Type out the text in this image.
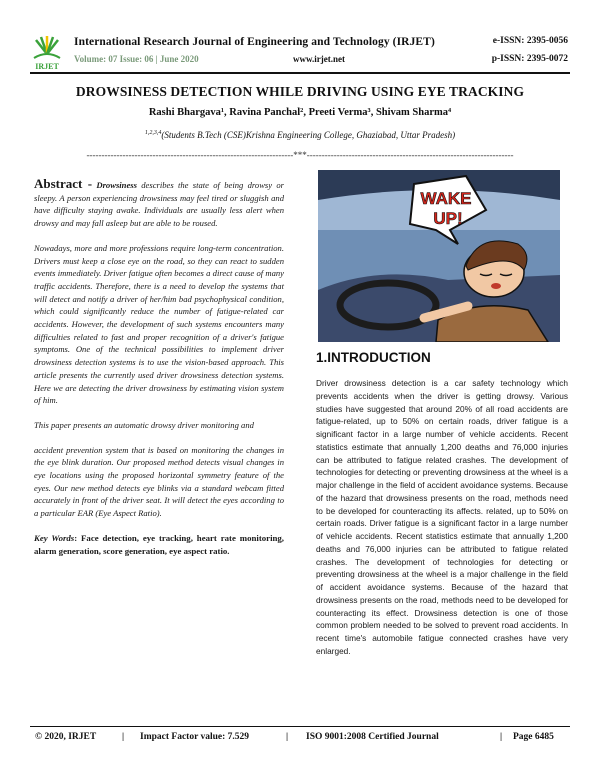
IRJET
International Research Journal of Engineering and Technology (IRJET)
Volume: 07 Issue: 06 | June 2020	www.irjet.net
e-ISSN: 2395-0056
p-ISSN: 2395-0072
DROWSINESS DETECTION WHILE DRIVING USING EYE TRACKING
Rashi Bhargava¹, Ravina Panchal², Preeti Verma³, Shivam Sharma⁴
$^{1,2,3,4}$(Students B.Tech (CSE)Krishna Engineering College, Ghaziabad, Uttar Pradesh)
---------------------------------------------------------------------***---------------------------------------------------------------------

Abstract - Drowsiness describes the state of being drowsy or sleepy. A person experiencing drowsiness may feel tired or sluggish and have difficulty staying awake. Individuals are usually less alert when drowsy and may fall asleep but are able to be roused.

Nowadays, more and more professions require long-term concentration. Drivers must keep a close eye on the road, so they can react to sudden events immediately. Driver fatigue often becomes a direct cause of many traffic accidents. Therefore, there is a need to develop the systems that will detect and notify a driver of her/him bad psychophysical condition, which could significantly reduce the number of fatigue-related car accidents. However, the development of such systems encounters many difficulties related to fast and proper recognition of a driver's fatigue symptoms. One of the technical possibilities to implement driver drowsiness detection systems is to use the vision-based approach. This article presents the currently used driver drowsiness detection systems. Here we are detecting the driver drowsiness by estimating vision system of him.

This paper presents an automatic drowsy driver monitoring and

accident prevention system that is based on monitoring the changes in the eye blink duration. Our proposed method detects visual changes in eye locations using the proposed horizontal symmetry feature of the eyes. Our new method detects eye blinks via a standard webcam fitted accurately in front of the driver seat. It will detect the eyes according to a particular EAR (Eye Aspect Ratio).

Key Words: Face detection, eye tracking, heart rate monitoring, alarm generation, score generation, eye aspect ratio.

WAKE
UP!
1.INTRODUCTION
Driver drowsiness detection is a car safety technology which prevents accidents when the driver is getting drowsy. Various studies have suggested that around 20% of all road accidents are fatigue-related, up to 50% on certain roads, driver fatigue is a significant factor in a large number of vehicle accidents. Recent statistics estimate that annually 1,200 deaths and 76,000 injuries can be attributed to fatigue related crashes. The development of technologies for detecting or preventing drowsiness at the wheel is a major challenge in the field of accident avoidance systems. Because of the hazard that drowsiness presents on the road, methods need to be developed for counteracting its affects. related, up to 50% on certain roads. Driver fatigue is a significant factor in a large number of vehicle accidents. Recent statistics estimate that annually 1,200 deaths and 76,000 injuries can be attributed to fatigue related crashes. The development of technologies for detecting or preventing drowsiness at the wheel is a major challenge in the field of accident avoidance systems. Because of the hazard that drowsiness presents on the road, methods need to be developed for counteracting its effect. Drowsiness detection is one of those common problem needed to be solved to prevent road accidents. In recent time's automobile fatigue connected crashes have very enlarged.
© 2020, IRJET	| Impact Factor value: 7.529	| ISO 9001:2008 Certified Journal	| Page 6485
